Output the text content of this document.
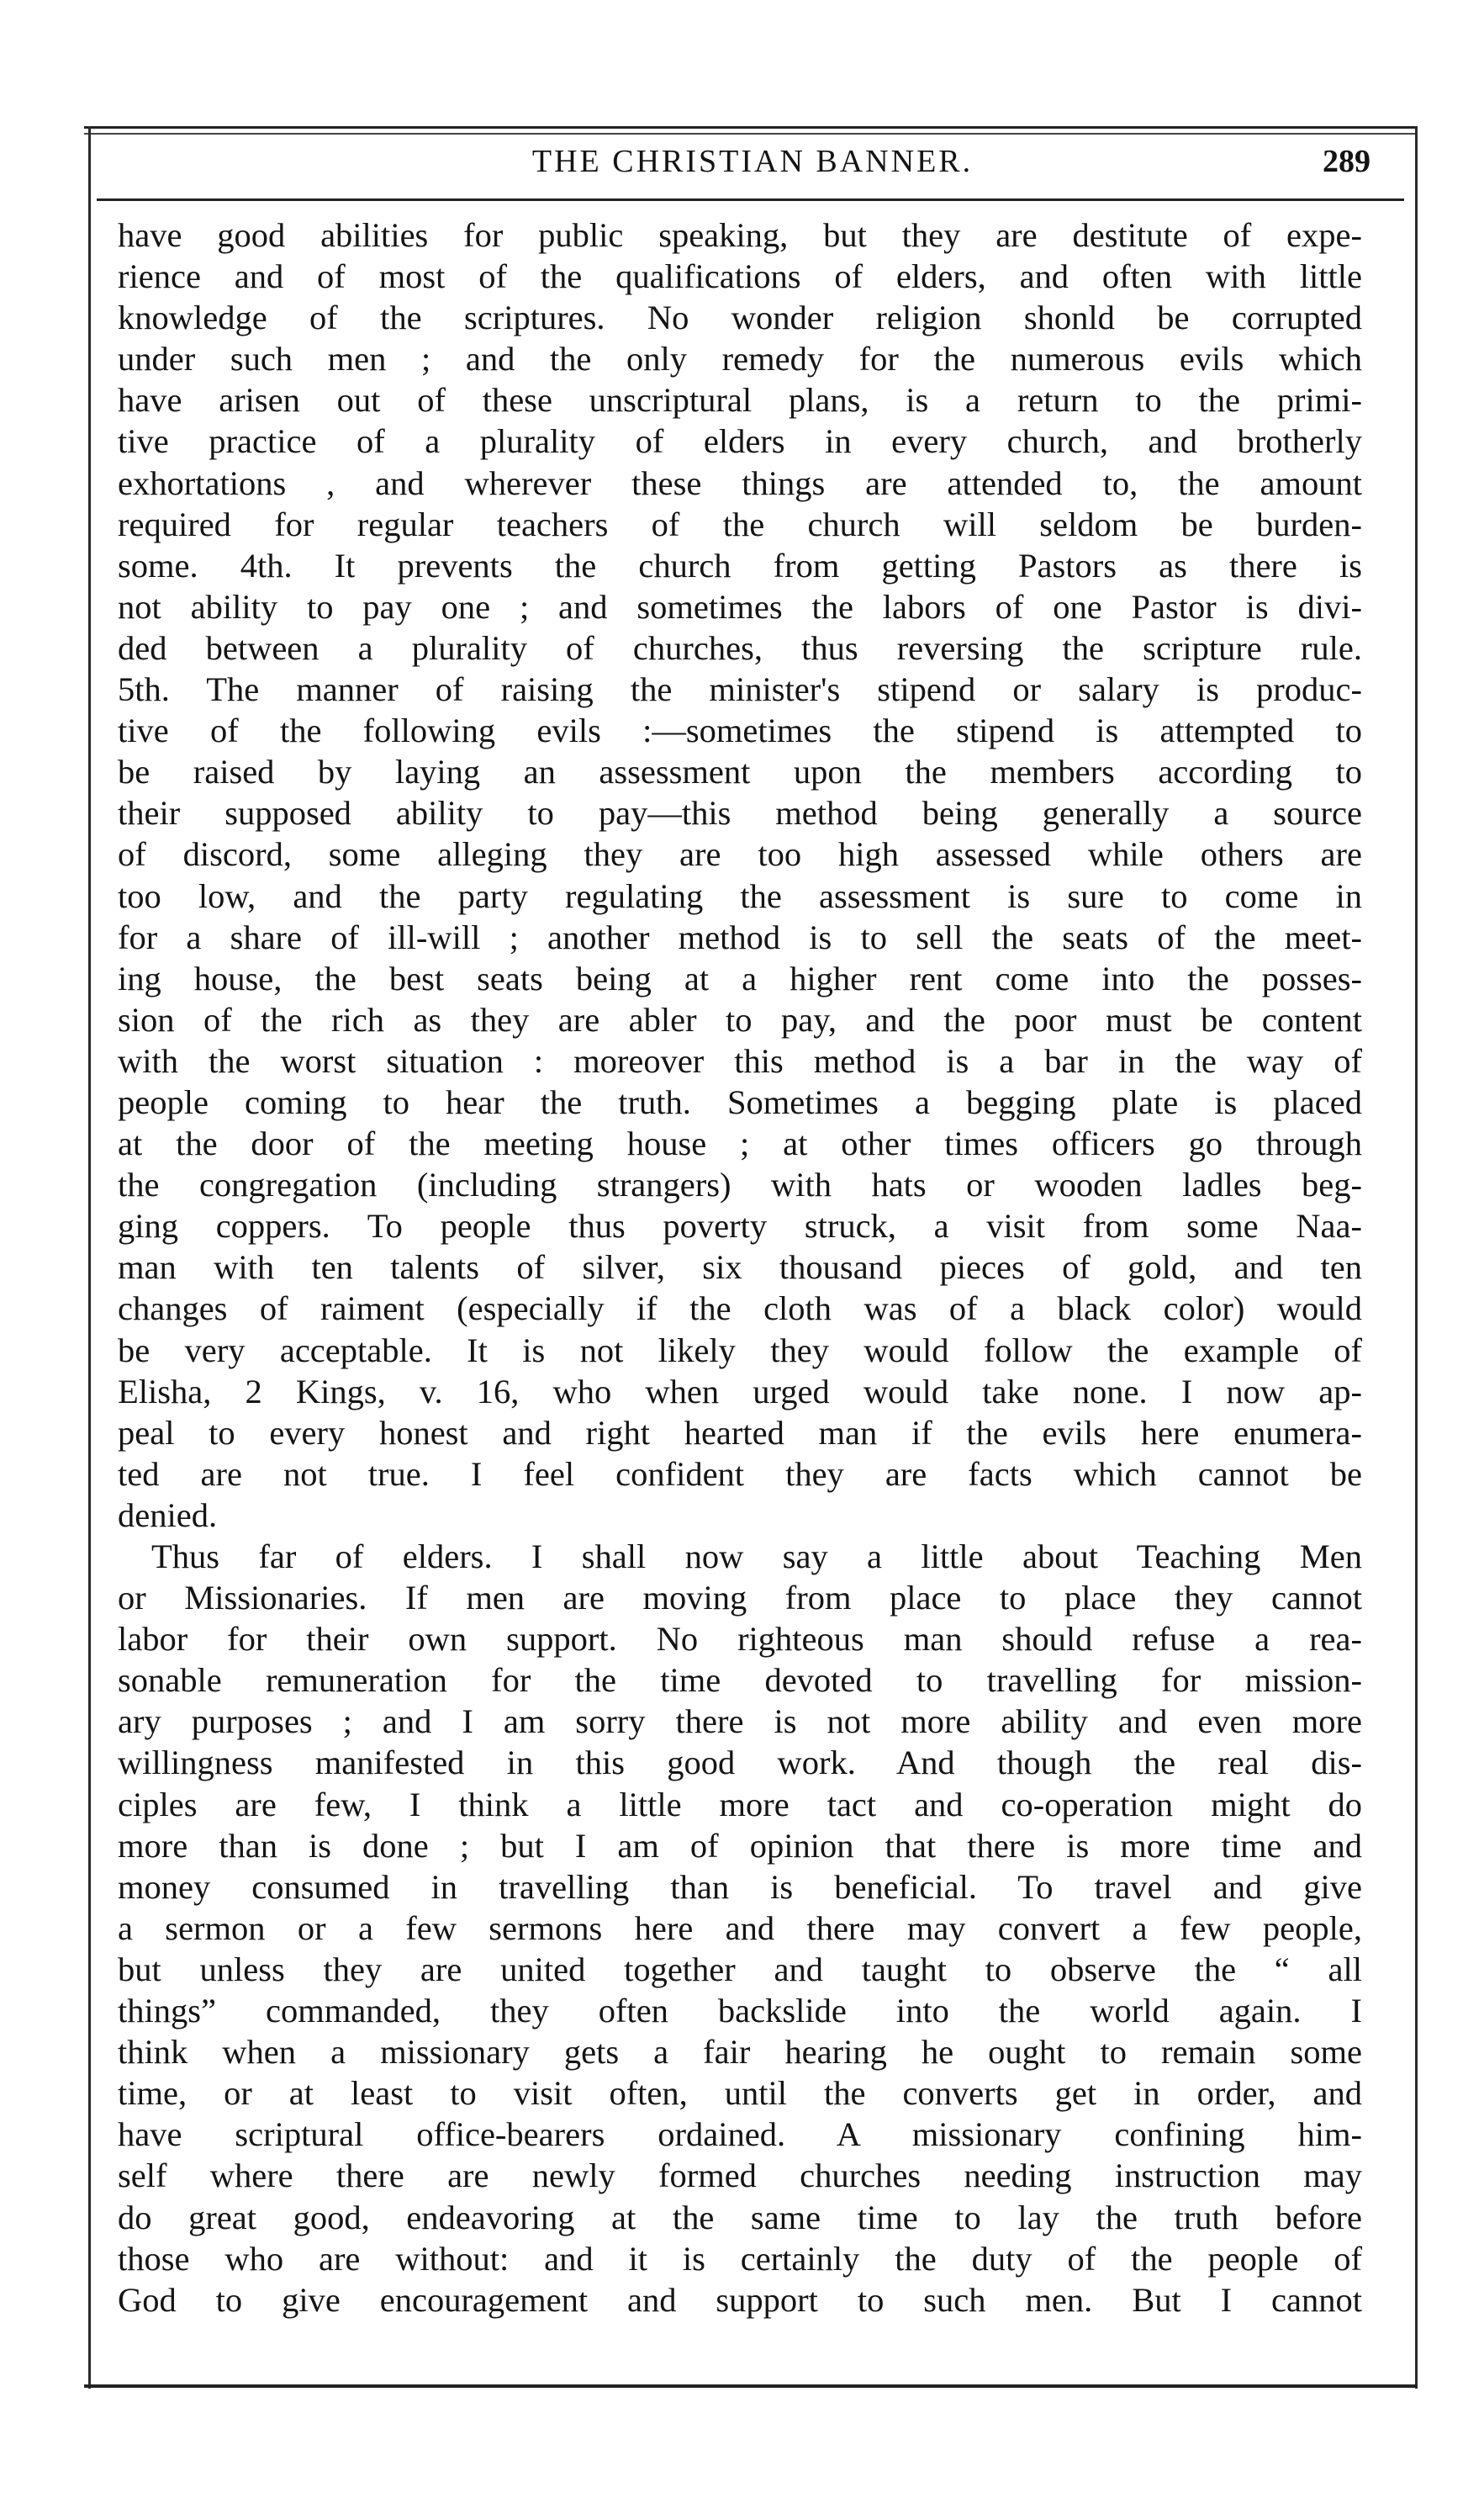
THE CHRISTIAN BANNER.	289
have good abilities for public speaking, but they are destitute of expe-
rience and of most of the qualifications of elders, and often with little
knowledge of the scriptures. No wonder religion shonld be corrupted
under such men ; and the only remedy for the numerous evils which
have arisen out of these unscriptural plans, is a return to the primi-
tive practice of a plurality of elders in every church, and brotherly
exhortations , and wherever these things are attended to, the amount
required for regular teachers of the church will seldom be burden-
some. 4th. It prevents the church from getting Pastors as there is
not ability to pay one ; and sometimes the labors of one Pastor is divi-
ded between a plurality of churches, thus reversing the scripture rule.
5th. The manner of raising the minister's stipend or salary is produc-
tive of the following evils :—sometimes the stipend is attempted to
be raised by laying an assessment upon the members according to
their supposed ability to pay—this method being generally a source
of discord, some alleging they are too high assessed while others are
too low, and the party regulating the assessment is sure to come in
for a share of ill-will ; another method is to sell the seats of the meet-
ing house, the best seats being at a higher rent come into the posses-
sion of the rich as they are abler to pay, and the poor must be content
with the worst situation : moreover this method is a bar in the way of
people coming to hear the truth. Sometimes a begging plate is placed
at the door of the meeting house ; at other times officers go through
the congregation (including strangers) with hats or wooden ladles beg-
ging coppers. To people thus poverty struck, a visit from some Naa-
man with ten talents of silver, six thousand pieces of gold, and ten
changes of raiment (especially if the cloth was of a black color) would
be very acceptable. It is not likely they would follow the example of
Elisha, 2 Kings, v. 16, who when urged would take none. I now ap-
peal to every honest and right hearted man if the evils here enumera-
ted are not true. I feel confident they are facts which cannot be
denied.
Thus far of elders. I shall now say a little about Teaching Men
or Missionaries. If men are moving from place to place they cannot
labor for their own support. No righteous man should refuse a rea-
sonable remuneration for the time devoted to travelling for mission-
ary purposes ; and I am sorry there is not more ability and even more
willingness manifested in this good work. And though the real dis-
ciples are few, I think a little more tact and co-operation might do
more than is done ; but I am of opinion that there is more time and
money consumed in travelling than is beneficial. To travel and give
a sermon or a few sermons here and there may convert a few people,
but unless they are united together and taught to observe the “ all
things” commanded, they often backslide into the world again. I
think when a missionary gets a fair hearing he ought to remain some
time, or at least to visit often, until the converts get in order, and
have scriptural office-bearers ordained. A missionary confining him-
self where there are newly formed churches needing instruction may
do great good, endeavoring at the same time to lay the truth before
those who are without: and it is certainly the duty of the people of
God to give encouragement and support to such men. But I cannot
